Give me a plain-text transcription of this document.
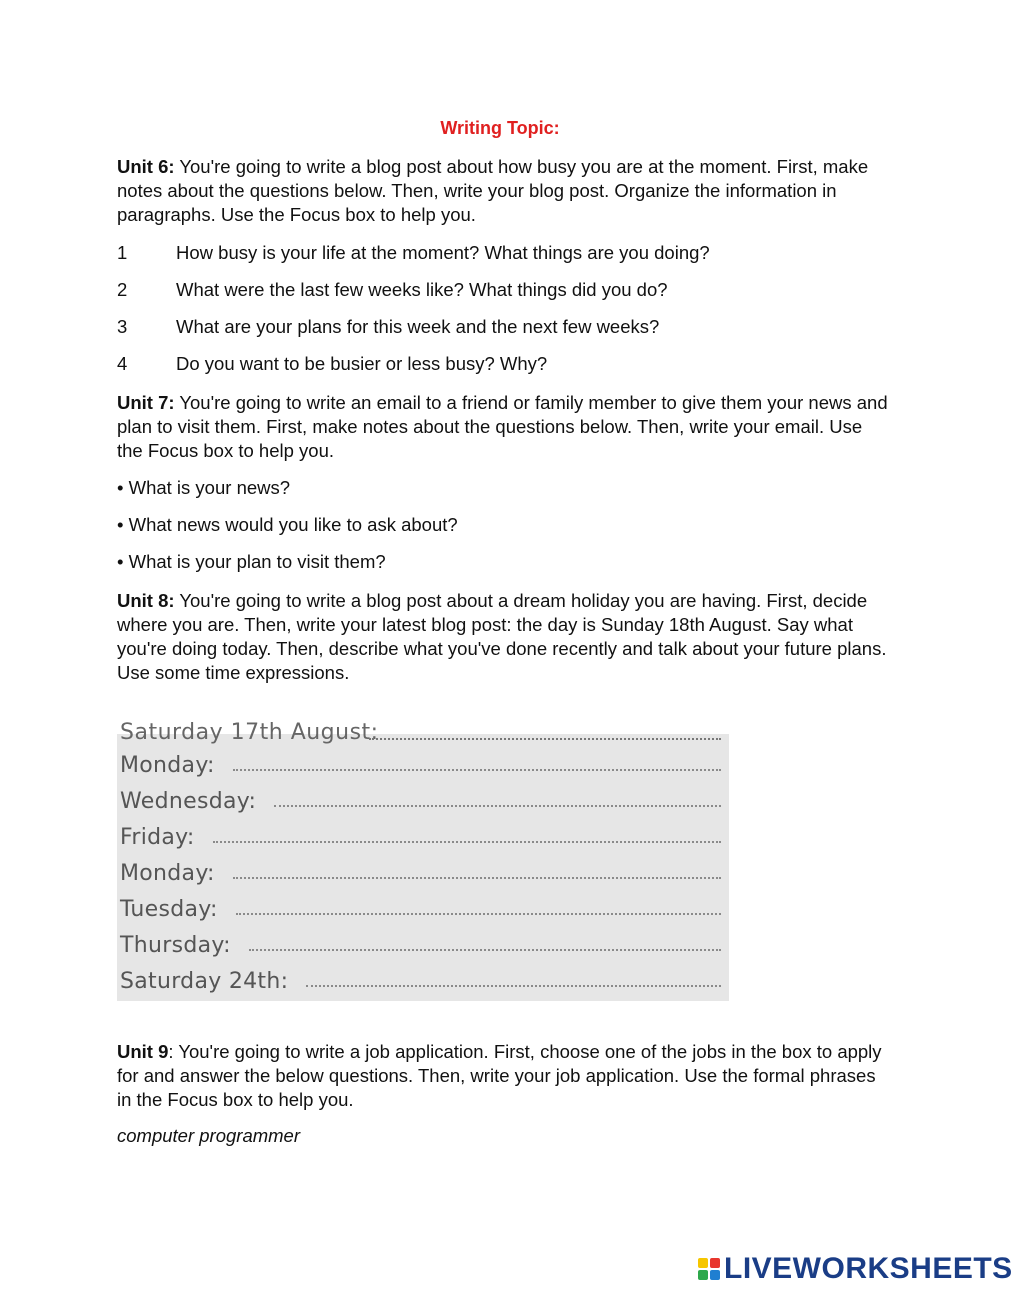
Writing Topic:
Unit 6: You're going to write a blog post about how busy you are at the moment. First, make notes about the questions below. Then, write your blog post. Organize the information in paragraphs. Use the Focus box to help you.
1	How busy is your life at the moment? What things are you doing?
2	What were the last few weeks like? What things did you do?
3	What are your plans for this week and the next few weeks?
4	Do you want to be busier or less busy? Why?
Unit 7: You're going to write an email to a friend or family member to give them your news and plan to visit them. First, make notes about the questions below. Then, write your email. Use the Focus box to help you.
• What is your news?
• What news would you like to ask about?
• What is your plan to visit them?
Unit 8: You're going to write a blog post about a dream holiday you are having. First, decide where you are. Then, write your latest blog post: the day is Sunday 18th August. Say what you're doing today. Then, describe what you've done recently and talk about your future plans. Use some time expressions.
Saturday 17th August:
Monday:
Wednesday:
Friday:
Monday:
Tuesday:
Thursday:
Saturday 24th:
Unit 9: You're going to write a job application. First, choose one of the jobs in the box to apply for and answer the below questions. Then, write your job application. Use the formal phrases in the Focus box to help you.
computer programmer
LIVEWORKSHEETS
